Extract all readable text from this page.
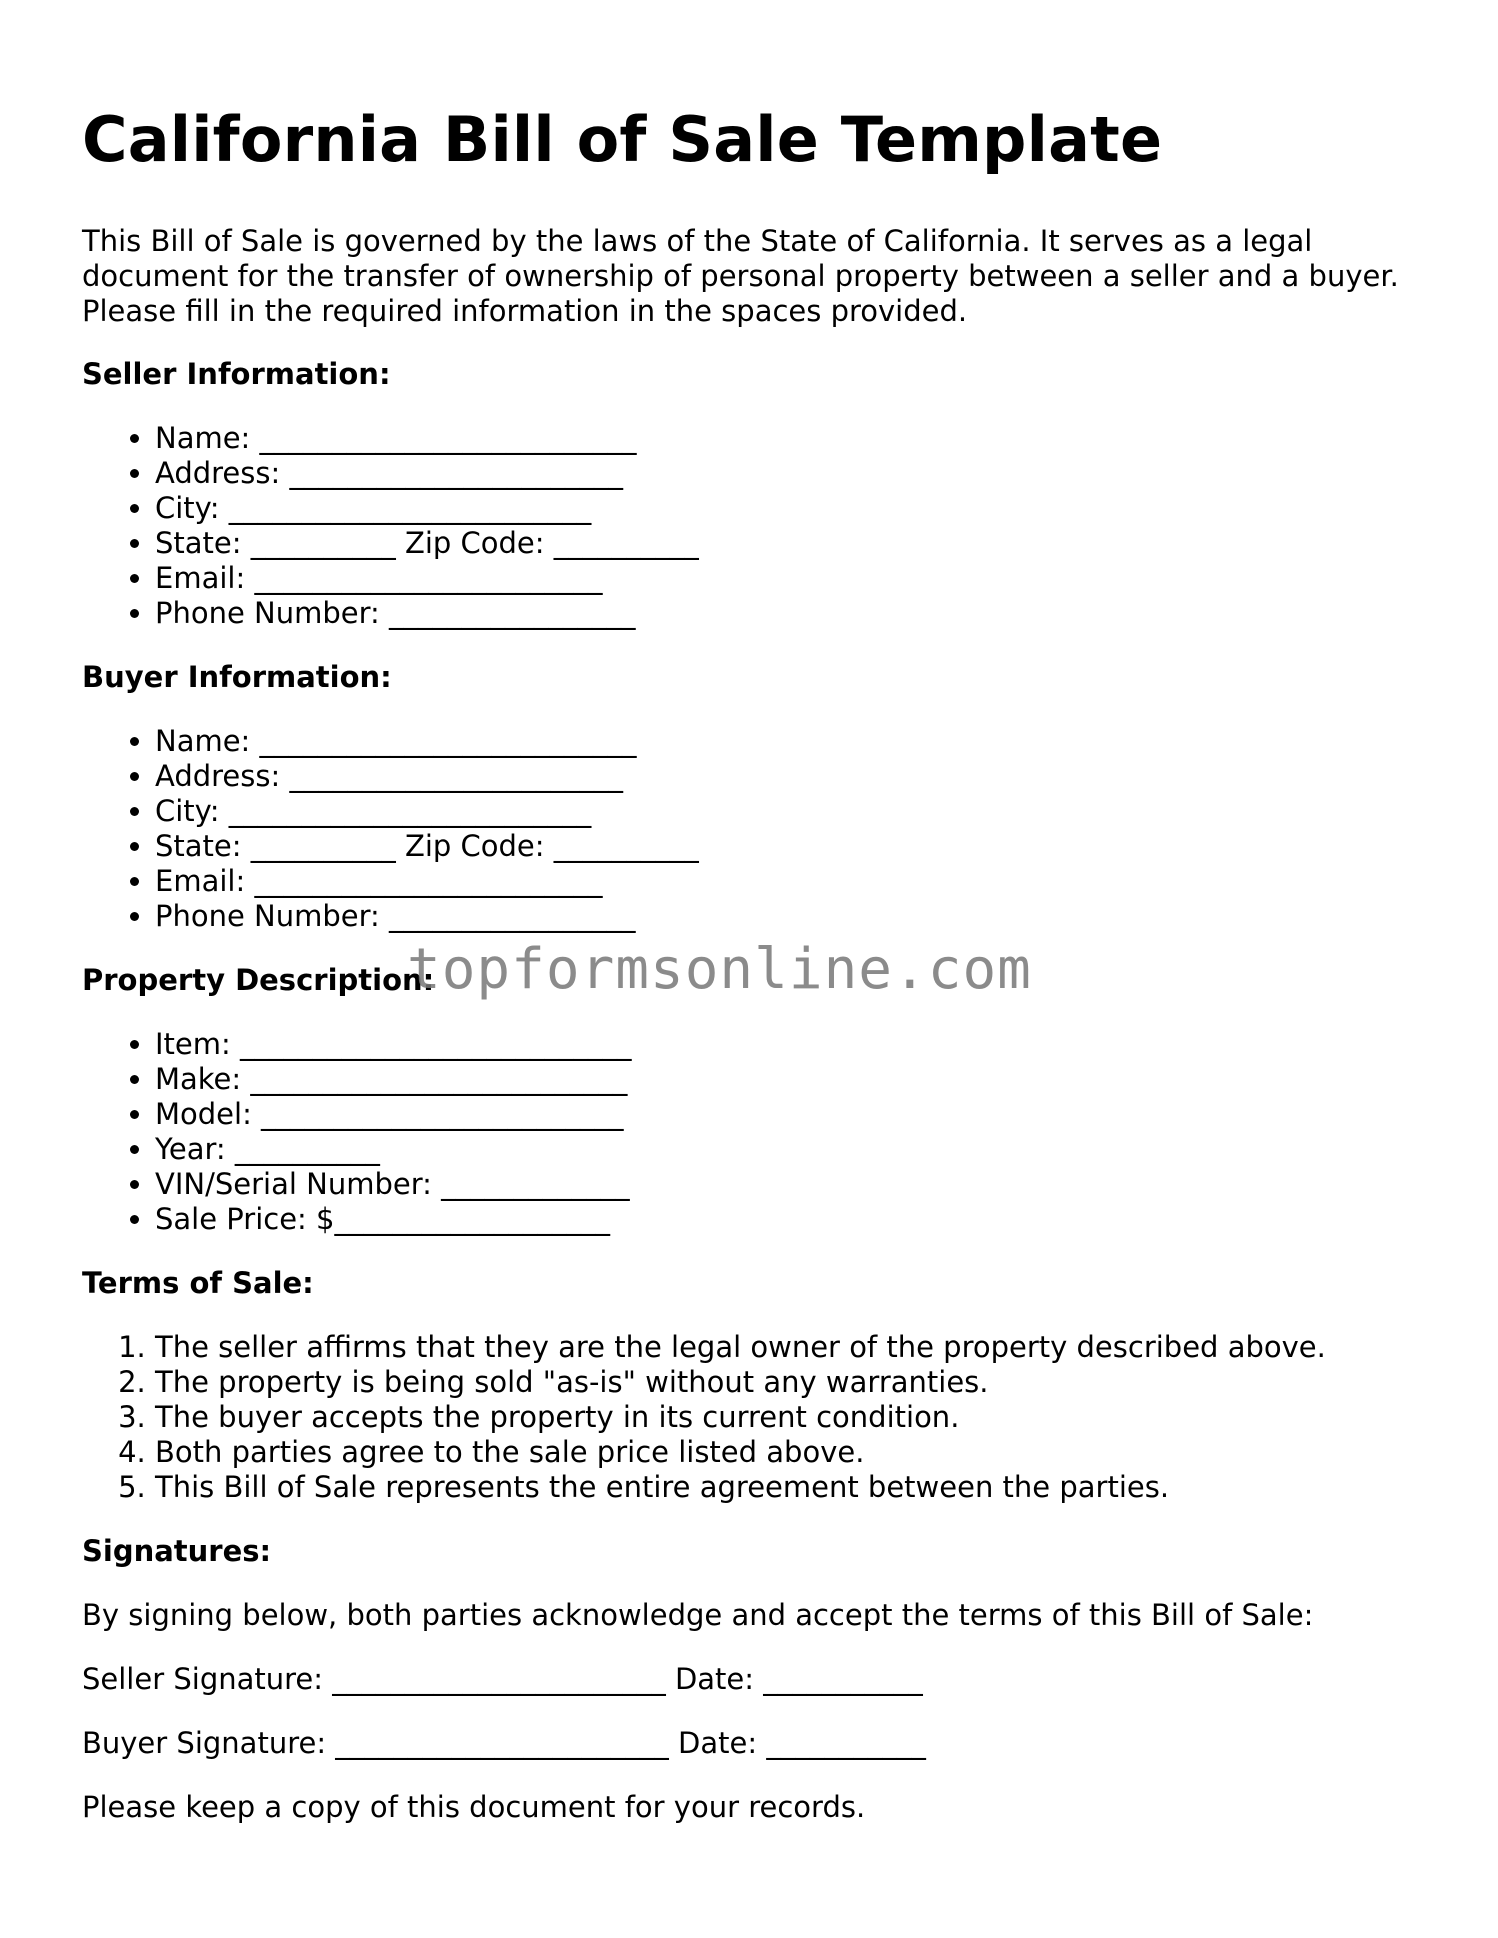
California Bill of Sale Template

This Bill of Sale is governed by the laws of the State of California. It serves as a legal document for the transfer of ownership of personal property between a seller and a buyer. Please fill in the required information in the spaces provided.

Seller Information:
• Name: __________________________
• Address: _______________________
• City: _________________________
• State: __________ Zip Code: __________
• Email: ________________________
• Phone Number: _________________
Buyer Information:
• Name: __________________________
• Address: _______________________
• City: _________________________
• State: __________ Zip Code: __________
• Email: ________________________
• Phone Number: _________________
Property Description:
• Item: ___________________________
• Make: __________________________
• Model: _________________________
• Year: __________
• VIN/Serial Number: _____________
• Sale Price: $___________________
Terms of Sale:
1. The seller affirms that they are the legal owner of the property described above.
2. The property is being sold "as-is" without any warranties.
3. The buyer accepts the property in its current condition.
4. Both parties agree to the sale price listed above.
5. This Bill of Sale represents the entire agreement between the parties.
Signatures:

By signing below, both parties acknowledge and accept the terms of this Bill of Sale:

Seller Signature: _______________________ Date: ___________

Buyer Signature: _______________________ Date: ___________

Please keep a copy of this document for your records.

topformsonline.com
